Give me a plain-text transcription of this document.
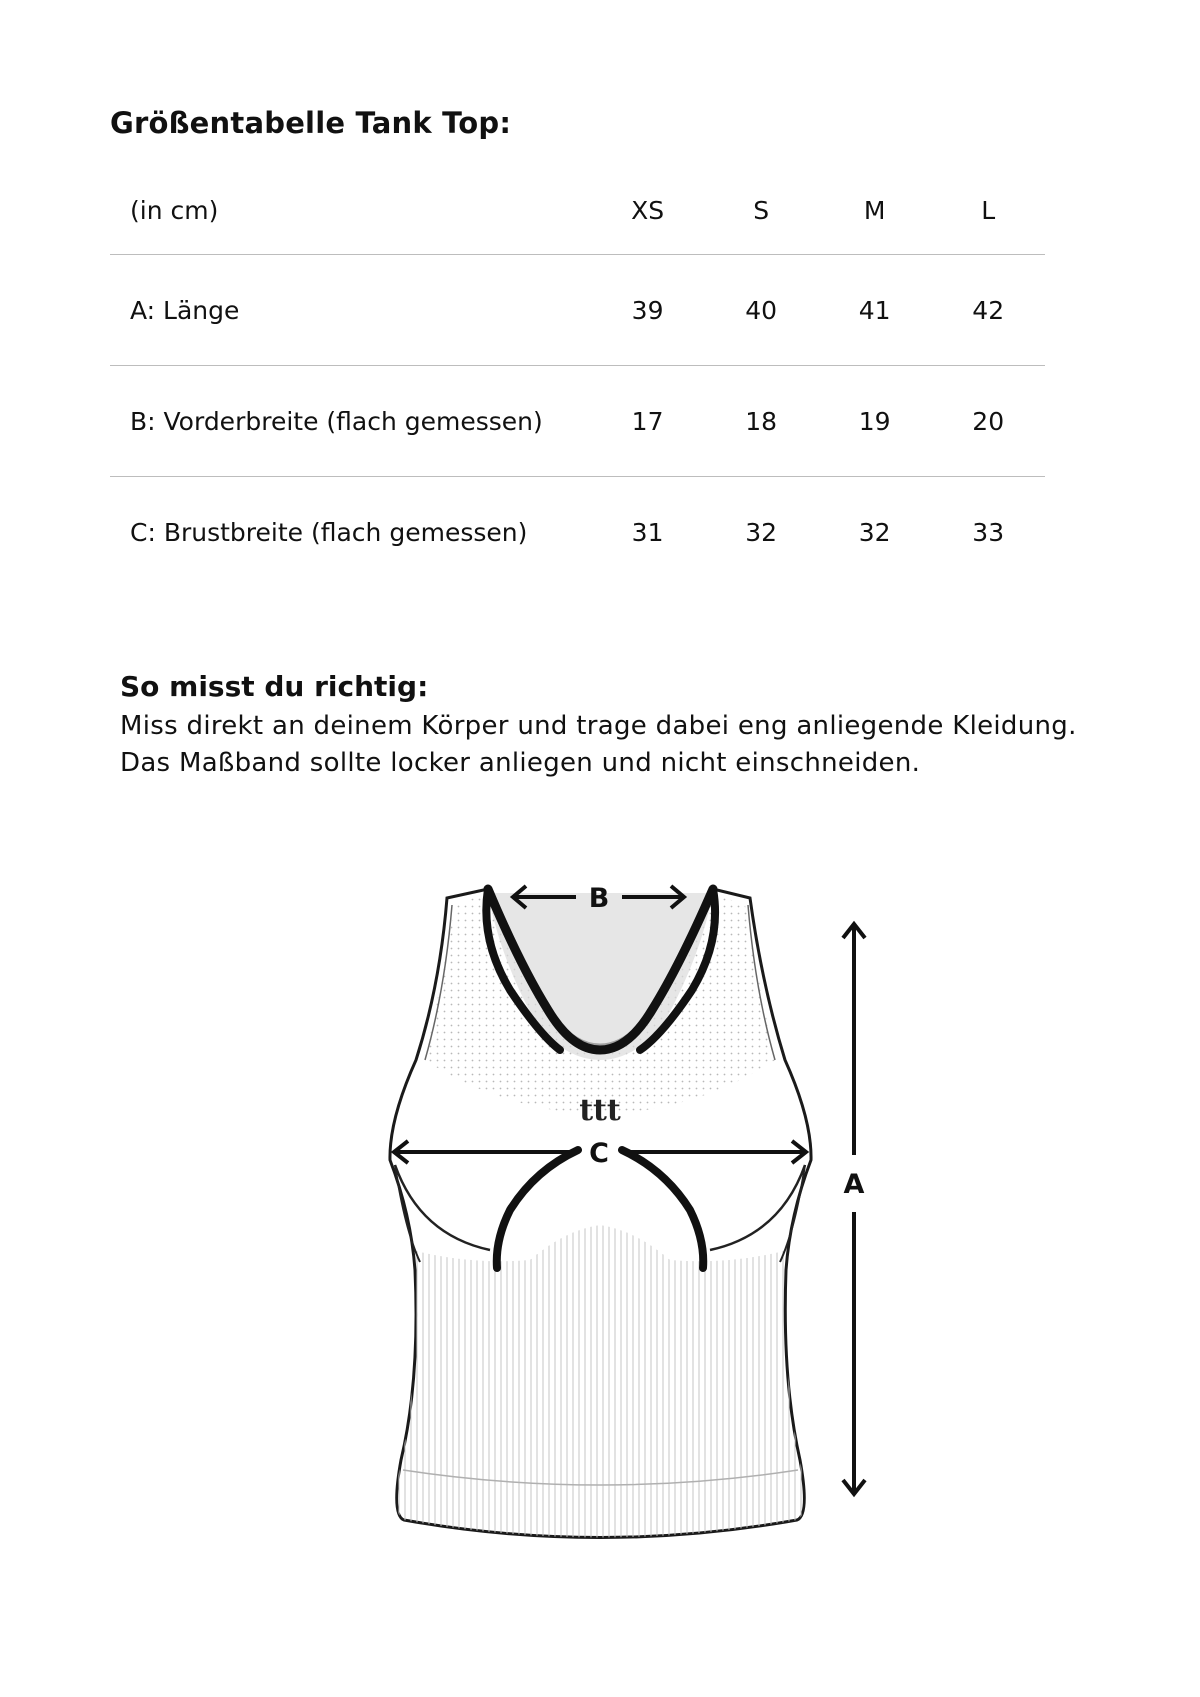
Größentabelle Tank Top:
(in cm)	XS	S	M	L
A: Länge	39	40	41	42
B: Vorderbreite (flach gemessen)	17	18	19	20
C: Brustbreite (flach gemessen)	31	32	32	33
So misst du richtig:

Miss direkt an deinem Körper und trage dabei eng anliegende Kleidung.

Das Maßband sollte locker anliegen und nicht einschneiden.

ttt
B
C
A
